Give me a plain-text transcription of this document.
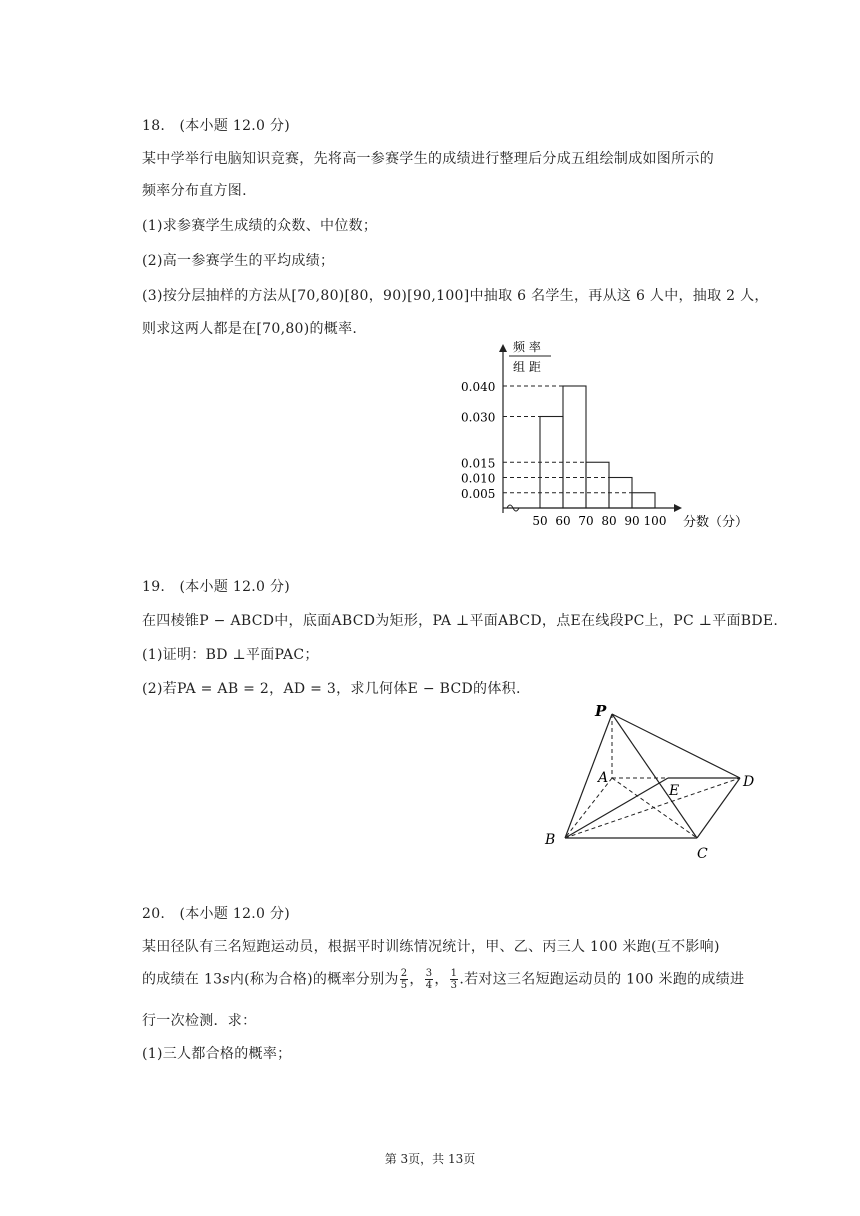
18.　(本小题 12.0 分)
某中学举行电脑知识竞赛，先将高一参赛学生的成绩进行整理后分成五组绘制成如图所示的
频率分布直方图.
(1)求参赛学生成绩的众数、中位数；
(2)高一参赛学生的平均成绩；
(3)按分层抽样的方法从[70,80)[80，90)[90,100]中抽取 6 名学生，再从这 6 人中，抽取 2 人，
则求这两人都是在[70,80)的概率.
频 率
组 距
0.040
0.030
0.015
0.010
0.005
50 60 70 80 90 100 分数（分）
19.　(本小题 12.0 分)
在四棱锥P − ABCD中，底面ABCD为矩形，PA ⊥平面ABCD，点E在线段PC上，PC ⊥平面BDE.
(1)证明：BD ⊥平面PAC；
(2)若PA = AB = 2，AD = 3，求几何体E − BCD的体积.
P
A
E
D
B
C
20.　(本小题 12.0 分)
某田径队有三名短跑运动员，根据平时训练情况统计，甲、乙、丙三人 100 米跑(互不影响)
的成绩在 13s内(称为合格)的概率分别为 $\frac{2}{5}$ ， $\frac{3}{4}$ ， $\frac{1}{3}$ .若对这三名短跑运动员的 100 米跑的成绩进
行一次检测．求：
(1)三人都合格的概率；
第 3页，共 13页
